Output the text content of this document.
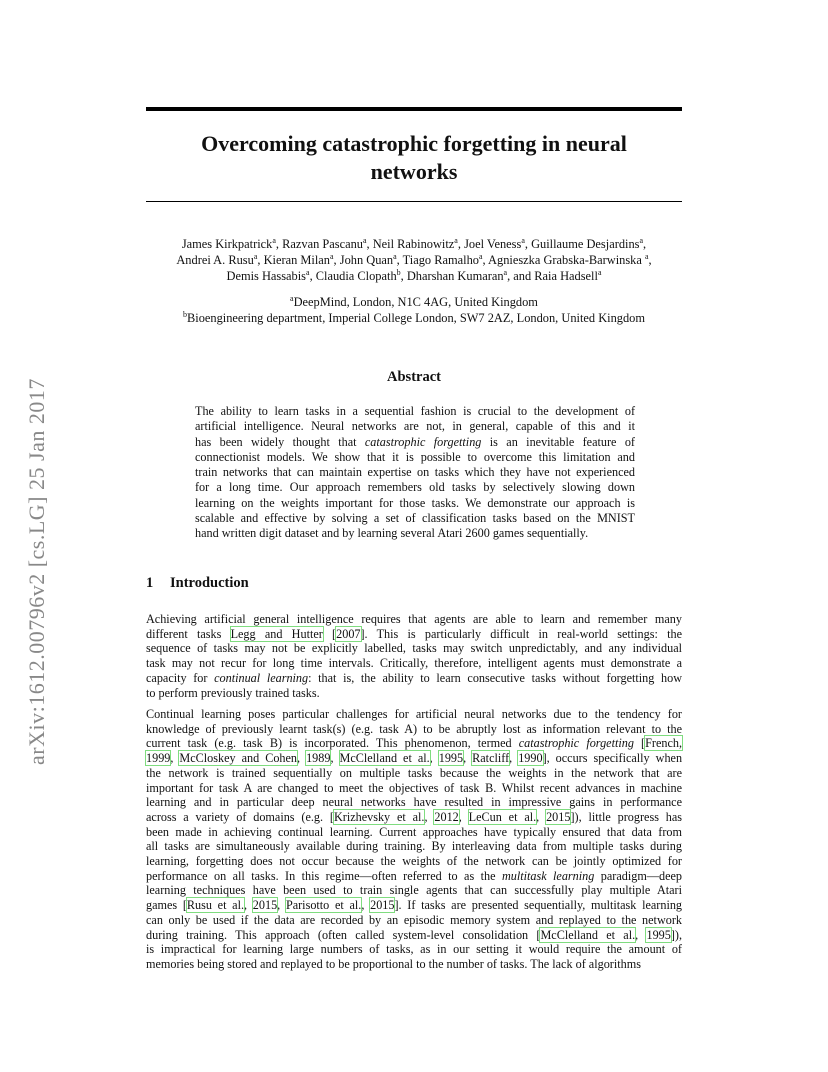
arXiv:1612.00796v2 [cs.LG] 25 Jan 2017
Overcoming catastrophic forgetting in neural
networks
James Kirkpatrick$^a$, Razvan Pascanu$^a$, Neil Rabinowitz$^a$, Joel Veness$^a$, Guillaume Desjardins$^a$,
Andrei A. Rusu$^a$, Kieran Milan$^a$, John Quan$^a$, Tiago Ramalho$^a$, Agnieszka Grabska-Barwinska $^a$,
Demis Hassabis$^a$, Claudia Clopath$^b$, Dharshan Kumaran$^a$, and Raia Hadsell$^a$
$^a$DeepMind, London, N1C 4AG, United Kingdom
$^b$Bioengineering department, Imperial College London, SW7 2AZ, London, United Kingdom
Abstract
The ability to learn tasks in a sequential fashion is crucial to the development of
artificial intelligence. Neural networks are not, in general, capable of this and it
has been widely thought that catastrophic forgetting is an inevitable feature of
connectionist models. We show that it is possible to overcome this limitation and
train networks that can maintain expertise on tasks which they have not experienced
for a long time. Our approach remembers old tasks by selectively slowing down
learning on the weights important for those tasks. We demonstrate our approach is
scalable and effective by solving a set of classification tasks based on the MNIST
hand written digit dataset and by learning several Atari 2600 games sequentially.
1 Introduction
Achieving artificial general intelligence requires that agents are able to learn and remember many
different tasks Legg and Hutter [2007]. This is particularly difficult in real-world settings: the
sequence of tasks may not be explicitly labelled, tasks may switch unpredictably, and any individual
task may not recur for long time intervals. Critically, therefore, intelligent agents must demonstrate a
capacity for continual learning: that is, the ability to learn consecutive tasks without forgetting how
to perform previously trained tasks.
Continual learning poses particular challenges for artificial neural networks due to the tendency for
knowledge of previously learnt task(s) (e.g. task A) to be abruptly lost as information relevant to the
current task (e.g. task B) is incorporated. This phenomenon, termed catastrophic forgetting [French,
1999, McCloskey and Cohen, 1989, McClelland et al., 1995, Ratcliff, 1990], occurs specifically when
the network is trained sequentially on multiple tasks because the weights in the network that are
important for task A are changed to meet the objectives of task B. Whilst recent advances in machine
learning and in particular deep neural networks have resulted in impressive gains in performance
across a variety of domains (e.g. [Krizhevsky et al., 2012, LeCun et al., 2015]), little progress has
been made in achieving continual learning. Current approaches have typically ensured that data from
all tasks are simultaneously available during training. By interleaving data from multiple tasks during
learning, forgetting does not occur because the weights of the network can be jointly optimized for
performance on all tasks. In this regime—often referred to as the multitask learning paradigm—deep
learning techniques have been used to train single agents that can successfully play multiple Atari
games [Rusu et al., 2015, Parisotto et al., 2015]. If tasks are presented sequentially, multitask learning
can only be used if the data are recorded by an episodic memory system and replayed to the network
during training. This approach (often called system-level consolidation [McClelland et al., 1995]),
is impractical for learning large numbers of tasks, as in our setting it would require the amount of
memories being stored and replayed to be proportional to the number of tasks. The lack of algorithms
